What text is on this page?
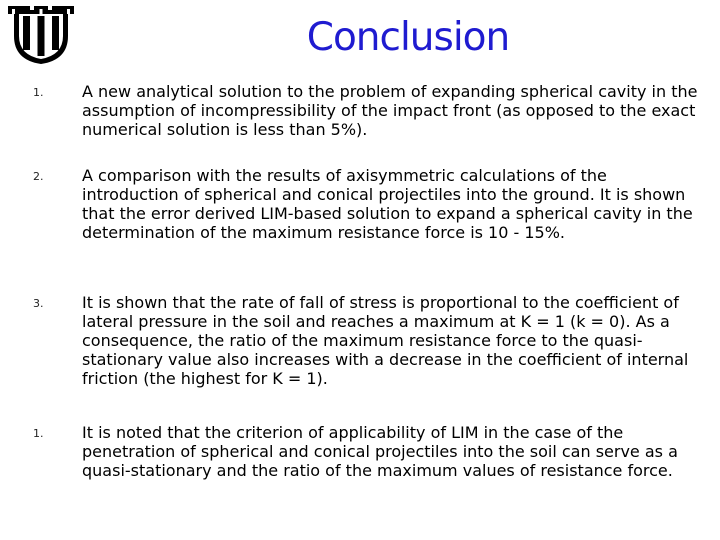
Conclusion
1. A new analytical solution to the problem of expanding spherical cavity in the assumption of incompressibility of the impact front (as opposed to the exact numerical solution is less than 5%).

2. A comparison with the results of axisymmetric calculations of the introduction of spherical and conical projectiles into the ground. It is shown that the error derived LIM-based solution to expand a spherical cavity in the determination of the maximum resistance force is 10 - 15%.

3. It is shown that the rate of fall of stress is proportional to the coefficient of lateral pressure in the soil and reaches a maximum at K = 1 (k = 0). As a consequence, the ratio of the maximum resistance force to the quasi-stationary value also increases with a decrease in the coefficient of internal friction (the highest for K = 1).

1. It is noted that the criterion of applicability of LIM in the case of the penetration of spherical and conical projectiles into the soil can serve as a quasi-stationary and the ratio of the maximum values of resistance force.
